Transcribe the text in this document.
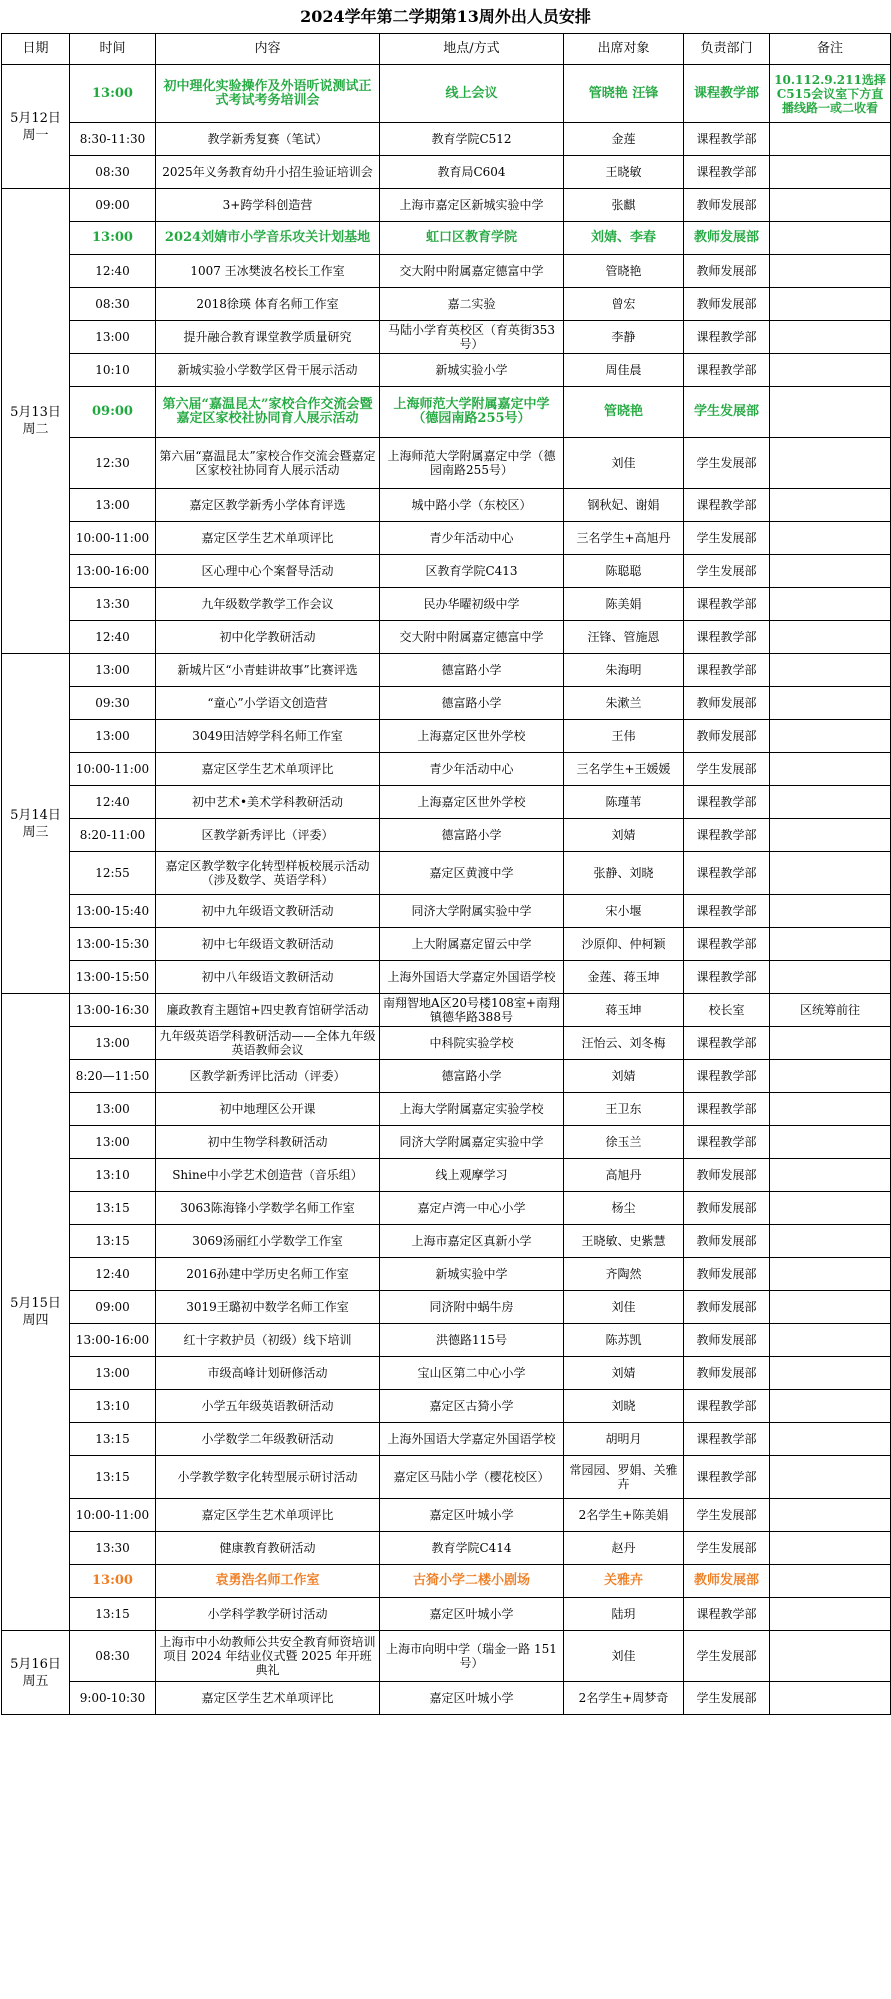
2024学年第二学期第13周外出人员安排
日期	时间	内容	地点/方式	出席对象	负责部门	备注

5月12日
周一	13:00	初中理化实验操作及外语听说测试正式考试考务培训会	线上会议	管晓艳 汪锋	课程教学部	10.112.9.211选择C515会议室下方直播线路一或二收看
	8:30-11:30	教学新秀复赛（笔试）	教育学院C512	金莲	课程教学部	
	08:30	2025年义务教育幼升小招生验证培训会	教育局C604	王晓敏	课程教学部	

5月13日
周二	09:00	3+跨学科创造营	上海市嘉定区新城实验中学	张麒	教师发展部	
	13:00	2024刘婧市小学音乐攻关计划基地	虹口区教育学院	刘婧、李春	教师发展部	
	12:40	1007 王冰樊波名校长工作室	交大附中附属嘉定德富中学	管晓艳	教师发展部	
	08:30	2018徐瑛 体育名师工作室	嘉二实验	曾宏	教师发展部	
	13:00	提升融合教育课堂教学质量研究	马陆小学育英校区（育英街353号）	李静	课程教学部	
	10:10	新城实验小学数学区骨干展示活动	新城实验小学	周佳晨	课程教学部	
	09:00	第六届“嘉温昆太”家校合作交流会暨嘉定区家校社协同育人展示活动	上海师范大学附属嘉定中学（德园南路255号）	管晓艳	学生发展部	
	12:30	第六届“嘉温昆太”家校合作交流会暨嘉定区家校社协同育人展示活动	上海师范大学附属嘉定中学（德园南路255号）	刘佳	学生发展部	
	13:00	嘉定区教学新秀小学体育评选	城中路小学（东校区）	钢秋妃、谢娟	课程教学部	
	10:00-11:00	嘉定区学生艺术单项评比	青少年活动中心	三名学生+高旭丹	学生发展部	
	13:00-16:00	区心理中心个案督导活动	区教育学院C413	陈聪聪	学生发展部	
	13:30	九年级数学教学工作会议	民办华曜初级中学	陈美娟	课程教学部	
	12:40	初中化学教研活动	交大附中附属嘉定德富中学	汪锋、管施恩	课程教学部	

5月14日
周三	13:00	新城片区“小青蛙讲故事”比赛评选	德富路小学	朱海明	课程教学部	
	09:30	“童心”小学语文创造营	德富路小学	朱漱兰	教师发展部	
	13:00	3049田洁婷学科名师工作室	上海嘉定区世外学校	王伟	教师发展部	
	10:00-11:00	嘉定区学生艺术单项评比	青少年活动中心	三名学生+王媛媛	学生发展部	
	12:40	初中艺术•美术学科教研活动	上海嘉定区世外学校	陈瑾苇	课程教学部	
	8:20-11:00	区教学新秀评比（评委）	德富路小学	刘婧	课程教学部	
	12:55	嘉定区教学数字化转型样板校展示活动（涉及数学、英语学科）	嘉定区黄渡中学	张静、刘晓	课程教学部	
	13:00-15:40	初中九年级语文教研活动	同济大学附属实验中学	宋小堰	课程教学部	
	13:00-15:30	初中七年级语文教研活动	上大附属嘉定留云中学	沙原仰、仲柯颖	课程教学部	
	13:00-15:50	初中八年级语文教研活动	上海外国语大学嘉定外国语学校	金莲、蒋玉坤	课程教学部	

5月15日
周四	13:00-16:30	廉政教育主题馆+四史教育馆研学活动	南翔智地A区20号楼108室+南翔镇德华路388号	蒋玉坤	校长室	区统筹前往
	13:00	九年级英语学科教研活动——全体九年级英语教师会议	中科院实验学校	汪怡云、刘冬梅	课程教学部	
	8:20—11:50	区教学新秀评比活动（评委）	德富路小学	刘婧	课程教学部	
	13:00	初中地理区公开课	上海大学附属嘉定实验学校	王卫东	课程教学部	
	13:00	初中生物学科教研活动	同济大学附属嘉定实验中学	徐玉兰	课程教学部	
	13:10	Shine中小学艺术创造营（音乐组）	线上观摩学习	高旭丹	教师发展部	
	13:15	3063陈海锋小学数学名师工作室	嘉定卢湾一中心小学	杨尘	教师发展部	
	13:15	3069汤丽红小学数学工作室	上海市嘉定区真新小学	王晓敏、史紫慧	教师发展部	
	12:40	2016孙建中学历史名师工作室	新城实验中学	齐陶然	教师发展部	
	09:00	3019王璐初中数学名师工作室	同济附中蜗牛房	刘佳	教师发展部	
	13:00-16:00	红十字救护员（初级）线下培训	洪德路115号	陈苏凯	教师发展部	
	13:00	市级高峰计划研修活动	宝山区第二中心小学	刘婧	教师发展部	
	13:10	小学五年级英语教研活动	嘉定区古猗小学	刘晓	课程教学部	
	13:15	小学数学二年级教研活动	上海外国语大学嘉定外国语学校	胡明月	课程教学部	
	13:15	小学教学数字化转型展示研讨活动	嘉定区马陆小学（樱花校区）	常园园、罗娟、关雅卉	课程教学部	
	10:00-11:00	嘉定区学生艺术单项评比	嘉定区叶城小学	2名学生+陈美娟	学生发展部	
	13:30	健康教育教研活动	教育学院C414	赵丹	学生发展部	
	13:00	袁勇浩名师工作室	古猗小学二楼小剧场	关雅卉	教师发展部	
	13:15	小学科学教学研讨活动	嘉定区叶城小学	陆玥	课程教学部	

5月16日
周五	08:30	上海市中小幼教师公共安全教育师资培训项目 2024 年结业仪式暨 2025 年开班典礼	上海市向明中学（瑞金一路 151 号）	刘佳	学生发展部	
	9:00-10:30	嘉定区学生艺术单项评比	嘉定区叶城小学	2名学生+周梦奇	学生发展部	
